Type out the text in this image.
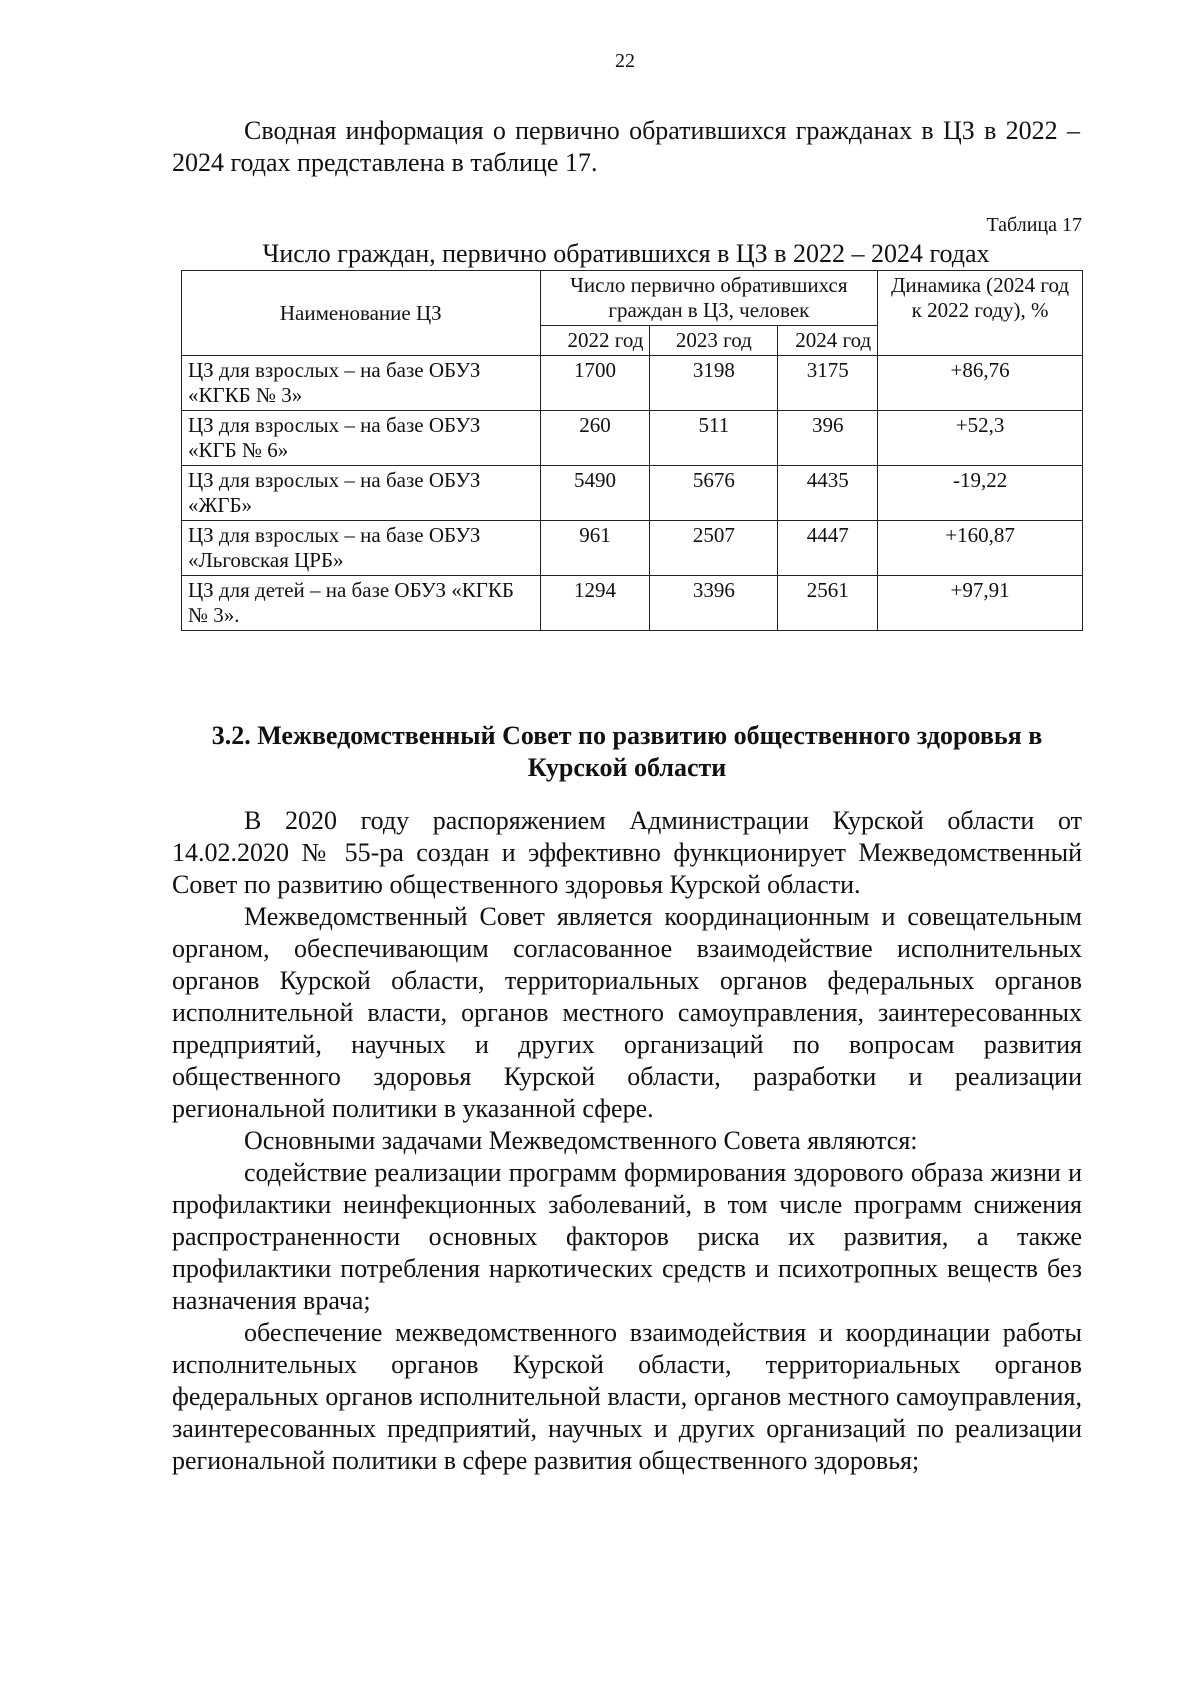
22
Сводная информация о первично обратившихся гражданах в ЦЗ в 2022 – 2024 годах представлена в таблице 17.
Таблица 17
Число граждан, первично обратившихся в ЦЗ в 2022 – 2024 годах
Наименование ЦЗ	Число первично обратившихся граждан в ЦЗ, человек			Динамика (2024 год к 2022 году), %
	2022 год	2023 год	2024 год	
ЦЗ для взрослых – на базе ОБУЗ «КГКБ № 3»	1700	3198	3175	+86,76
ЦЗ для взрослых – на базе ОБУЗ «КГБ № 6»	260	511	396	+52,3
ЦЗ для взрослых – на базе ОБУЗ «ЖГБ»	5490	5676	4435	-19,22
ЦЗ для взрослых – на базе ОБУЗ «Льговская ЦРБ»	961	2507	4447	+160,87
ЦЗ для детей – на базе ОБУЗ «КГКБ № 3».	1294	3396	2561	+97,91
3.2. Межведомственный Совет по развитию общественного здоровья в Курской области

В 2020 году распоряжением Администрации Курской области от 14.02.2020 № 55-ра создан и эффективно функционирует Межведомственный Совет по развитию общественного здоровья Курской области.

Межведомственный Совет является координационным и совещательным органом, обеспечивающим согласованное взаимодействие исполнительных органов Курской области, территориальных органов федеральных органов исполнительной власти, органов местного самоуправления, заинтересованных предприятий, научных и других организаций по вопросам развития общественного здоровья Курской области, разработки и реализации региональной политики в указанной сфере.

Основными задачами Межведомственного Совета являются:

содействие реализации программ формирования здорового образа жизни и профилактики неинфекционных заболеваний, в том числе программ снижения распространенности основных факторов риска их развития, а также профилактики потребления наркотических средств и психотропных веществ без назначения врача;

обеспечение межведомственного взаимодействия и координации работы исполнительных органов Курской области, территориальных органов федеральных органов исполнительной власти, органов местного самоуправления, заинтересованных предприятий, научных и других организаций по реализации региональной политики в сфере развития общественного здоровья;
